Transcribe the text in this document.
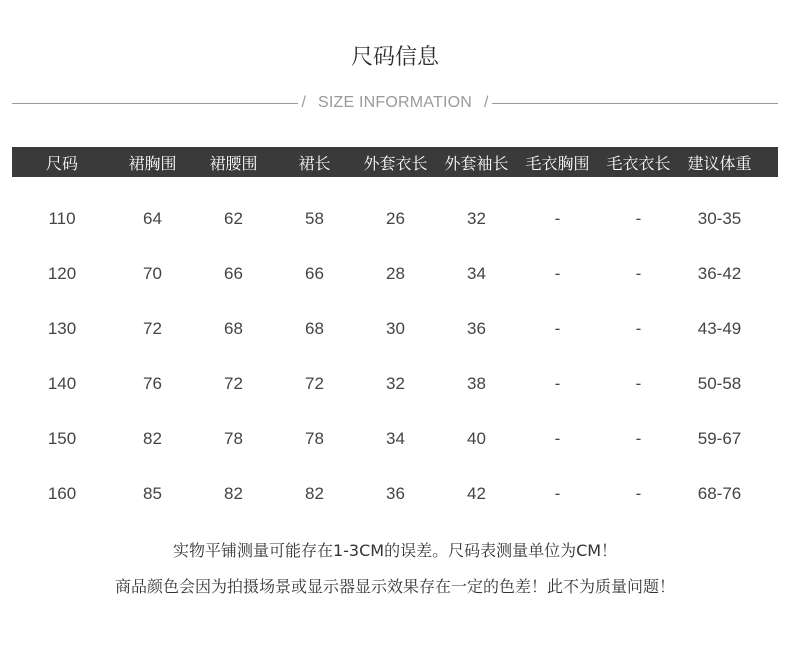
尺码信息
/ SIZE INFORMATION /
尺码	裙胸围	裙腰围	裙长	外套衣长	外套袖长	毛衣胸围	毛衣衣长	建议体重
110	64	62	58	26	32	-	-	30-35
120	70	66	66	28	34	-	-	36-42
130	72	68	68	30	36	-	-	43-49
140	76	72	72	32	38	-	-	50-58
150	82	78	78	34	40	-	-	59-67
160	85	82	82	36	42	-	-	68-76
实物平铺测量可能存在1-3CM的误差。尺码表测量单位为CM！
商品颜色会因为拍摄场景或显示器显示效果存在一定的色差！此不为质量问题！
